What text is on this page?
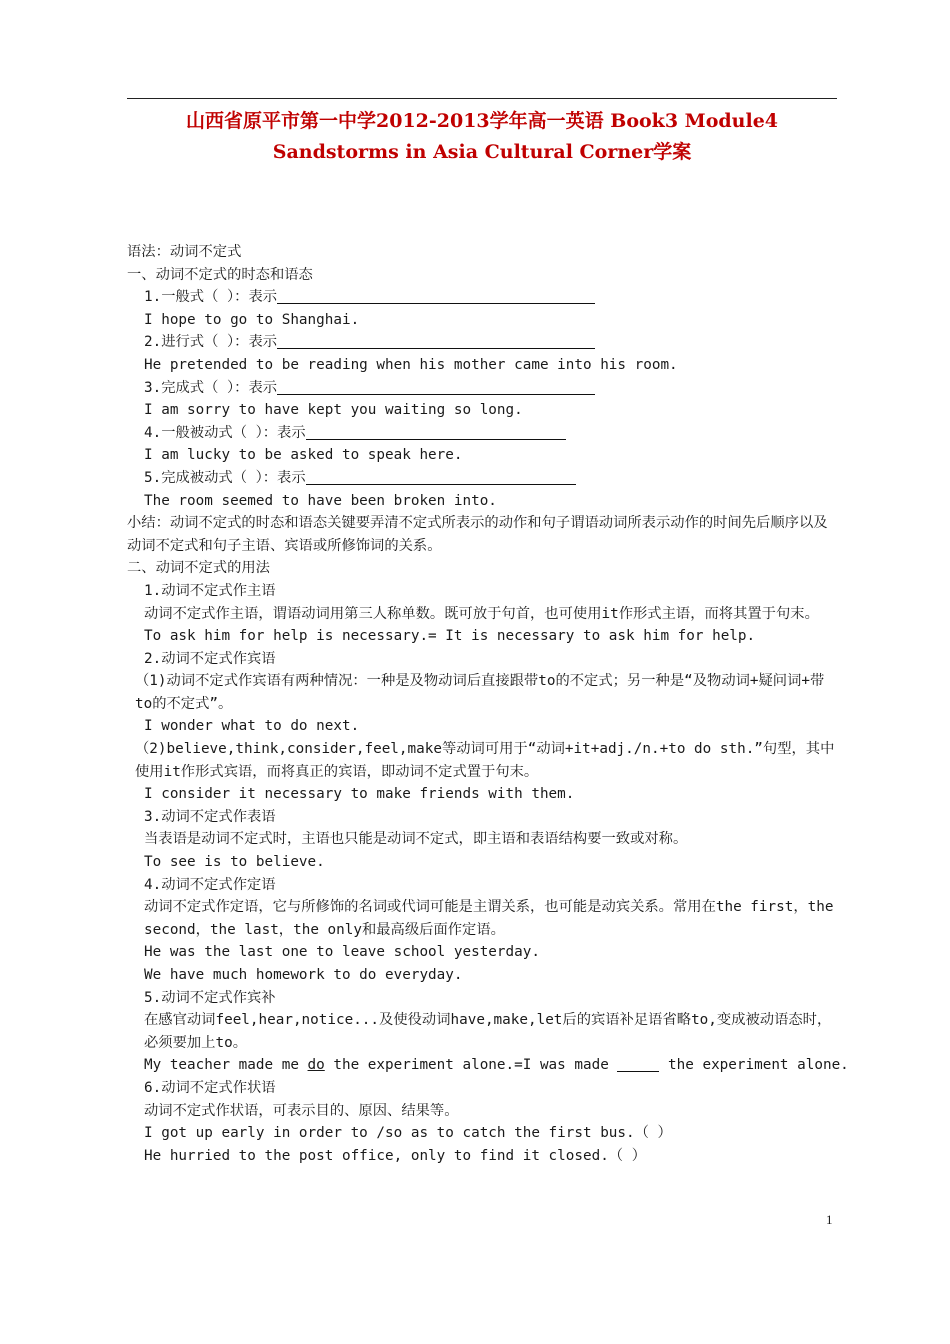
山西省原平市第一中学2012-2013学年高一英语 Book3 Module4
Sandstorms in Asia Cultural Corner学案
语法：动词不定式
一、动词不定式的时态和语态
1.一般式（ ）：表示
I hope to go to Shanghai.
2.进行式（ ）：表示
He pretended to be reading when his mother came into his room.
3.完成式（ ）：表示
I am sorry to have kept you waiting so long.
4.一般被动式（ ）：表示
I am lucky to be asked to speak here.
5.完成被动式（ ）：表示
The room seemed to have been broken into.
小结：动词不定式的时态和语态关键要弄清不定式所表示的动作和句子谓语动词所表示动作的时间先后顺序以及动词不定式和句子主语、宾语或所修饰词的关系。
二、动词不定式的用法
1.动词不定式作主语
动词不定式作主语，谓语动词用第三人称单数。既可放于句首，也可使用it作形式主语，而将其置于句末。
To ask him for help is necessary.= It is necessary to ask him for help.
2.动词不定式作宾语
（1)动词不定式作宾语有两种情况：一种是及物动词后直接跟带to的不定式；另一种是“及物动词+疑问词+带to的不定式”。
I wonder what to do next.
（2)believe,think,consider,feel,make等动词可用于“动词+it+adj./n.+to do sth.”句型，其中使用it作形式宾语，而将真正的宾语，即动词不定式置于句末。
I consider it necessary to make friends with them.
3.动词不定式作表语
当表语是动词不定式时，主语也只能是动词不定式，即主语和表语结构要一致或对称。
To see is to believe.
4.动词不定式作定语
动词不定式作定语，它与所修饰的名词或代词可能是主谓关系，也可能是动宾关系。常用在the first，the second，the last，the only和最高级后面作定语。
He was the last one to leave school yesterday.
We have much homework to do everyday.
5.动词不定式作宾补
在感官动词feel,hear,notice...及使役动词have,make,let后的宾语补足语省略to,变成被动语态时，必须要加上to。
My teacher made me do the experiment alone.=I was made	the experiment alone.
6.动词不定式作状语
动词不定式作状语，可表示目的、原因、结果等。
I got up early in order to /so as to catch the first bus.（ ）
He hurried to the post office, only to find it closed.（ ）
1
